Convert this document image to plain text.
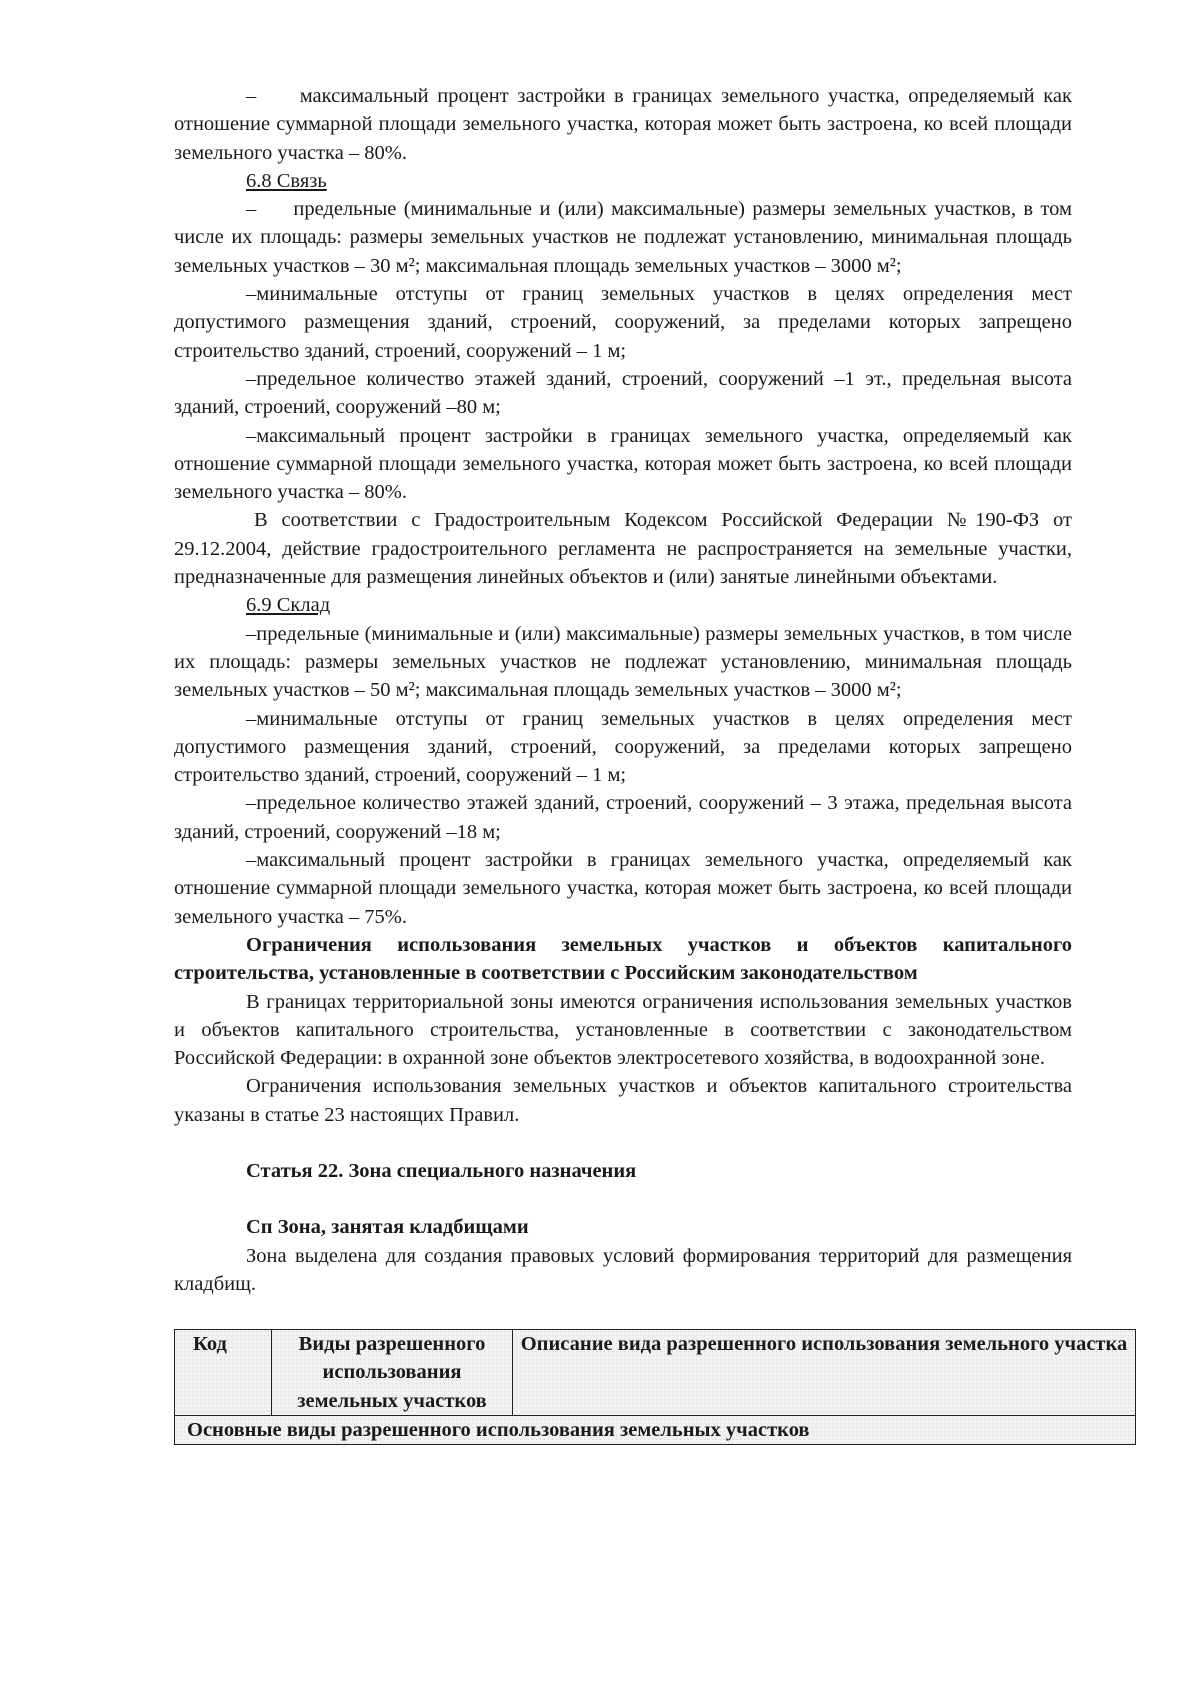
–     максимальный процент застройки в границах земельного участка, определяемый как отношение суммарной площади земельного участка, которая может быть застроена, ко всей площади земельного участка – 80%.

6.8 Связь

–     предельные (минимальные и (или) максимальные) размеры земельных участков, в том числе их площадь: размеры земельных участков не подлежат установлению, минимальная площадь земельных участков – 30 м²; максимальная площадь земельных участков – 3000 м²;

–минимальные отступы от границ земельных участков в целях определения мест допустимого размещения зданий, строений, сооружений, за пределами которых запрещено строительство зданий, строений, сооружений – 1 м;

–предельное количество этажей зданий, строений, сооружений –1 эт., предельная высота зданий, строений, сооружений –80 м;

–максимальный процент застройки в границах земельного участка, определяемый как отношение суммарной площади земельного участка, которая может быть застроена, ко всей площади земельного участка – 80%.

В соответствии с Градостроительным Кодексом Российской Федерации №190-ФЗ от 29.12.2004, действие градостроительного регламента не распространяется на земельные участки, предназначенные для размещения линейных объектов и (или) занятые линейными объектами.

6.9 Склад

–предельные (минимальные и (или) максимальные) размеры земельных участков, в том числе их площадь: размеры земельных участков не подлежат установлению, минимальная площадь земельных участков – 50 м²; максимальная площадь земельных участков – 3000 м²;

–минимальные отступы от границ земельных участков в целях определения мест допустимого размещения зданий, строений, сооружений, за пределами которых запрещено строительство зданий, строений, сооружений – 1 м;

–предельное количество этажей зданий, строений, сооружений – 3 этажа, предельная высота зданий, строений, сооружений –18 м;

–максимальный процент застройки в границах земельного участка, определяемый как отношение суммарной площади земельного участка, которая может быть застроена, ко всей площади земельного участка – 75%.

Ограничения использования земельных участков и объектов капитального строительства, установленные в соответствии с Российским законодательством

В границах территориальной зоны имеются ограничения использования земельных участков и объектов капитального строительства, установленные в соответствии с законодательством Российской Федерации: в охранной зоне объектов электросетевого хозяйства, в водоохранной зоне.

Ограничения использования земельных участков и объектов капитального строительства указаны в статье 23 настоящих Правил.

Статья 22. Зона специального назначения

Сп Зона, занятая кладбищами

Зона выделена для создания правовых условий формирования территорий для размещения кладбищ.

Код	Виды разрешенного использования земельных участков	Описание вида разрешенного использования земельного участка
Основные виды разрешенного использования земельных участков
